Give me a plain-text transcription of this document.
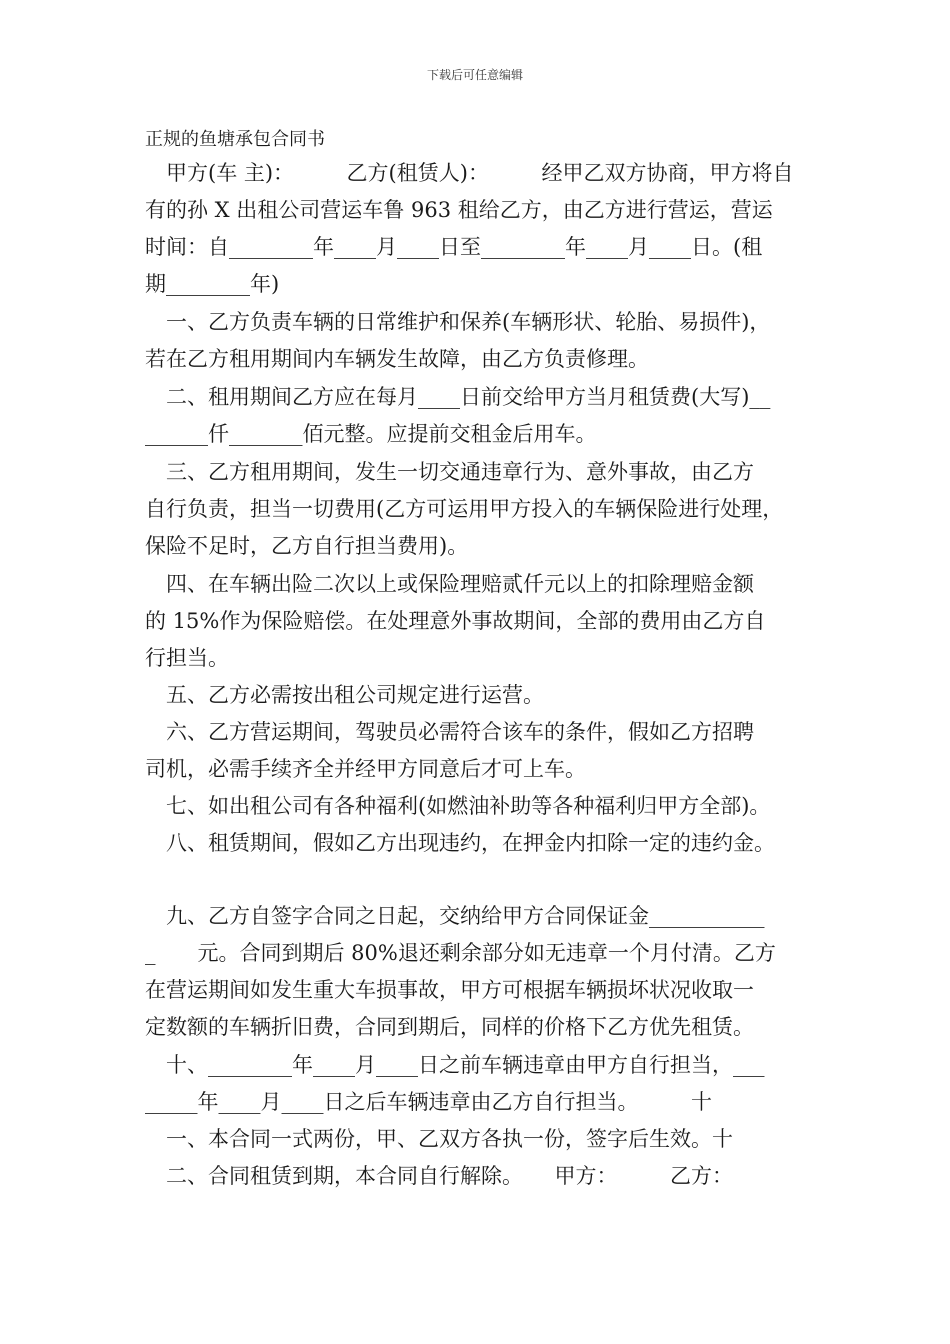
下载后可任意编辑
正规的鱼塘承包合同书
　甲方(车 主)：　　　乙方(租赁人)：　　　经甲乙双方协商，甲方将自
有的孙 X 出租公司营运车鲁 963 租给乙方，由乙方进行营运，营运
时间：自________年____月____日至________年____月____日。(租
期________年)
　一、乙方负责车辆的日常维护和保养(车辆形状、轮胎、易损件)，
若在乙方租用期间内车辆发生故障，由乙方负责修理。
　二、租用期间乙方应在每月____日前交给甲方当月租赁费(大写)__
______仟_______佰元整。应提前交租金后用车。
　三、乙方租用期间，发生一切交通违章行为、意外事故，由乙方
自行负责，担当一切费用(乙方可运用甲方投入的车辆保险进行处理，
保险不足时，乙方自行担当费用)。
　四、在车辆出险二次以上或保险理赔贰仟元以上的扣除理赔金额
的 15%作为保险赔偿。在处理意外事故期间，全部的费用由乙方自
行担当。
　五、乙方必需按出租公司规定进行运营。
　六、乙方营运期间，驾驶员必需符合该车的条件，假如乙方招聘
司机，必需手续齐全并经甲方同意后才可上车。
　七、如出租公司有各种福利(如燃油补助等各种福利归甲方全部)。
　八、租赁期间，假如乙方出现违约，在押金内扣除一定的违约金。
　九、乙方自签字合同之日起，交纳给甲方合同保证金___________
_　　元。合同到期后 80%退还剩余部分如无违章一个月付清。乙方
在营运期间如发生重大车损事故，甲方可根据车辆损坏状况收取一
定数额的车辆折旧费，合同到期后，同样的价格下乙方优先租赁。
　十、________年____月____日之前车辆违章由甲方自行担当，___
_____年____月____日之后车辆违章由乙方自行担当。　　　十
　一、本合同一式两份，甲、乙双方各执一份，签字后生效。十
　二、合同租赁到期，本合同自行解除。　　甲方：　　　乙方：
